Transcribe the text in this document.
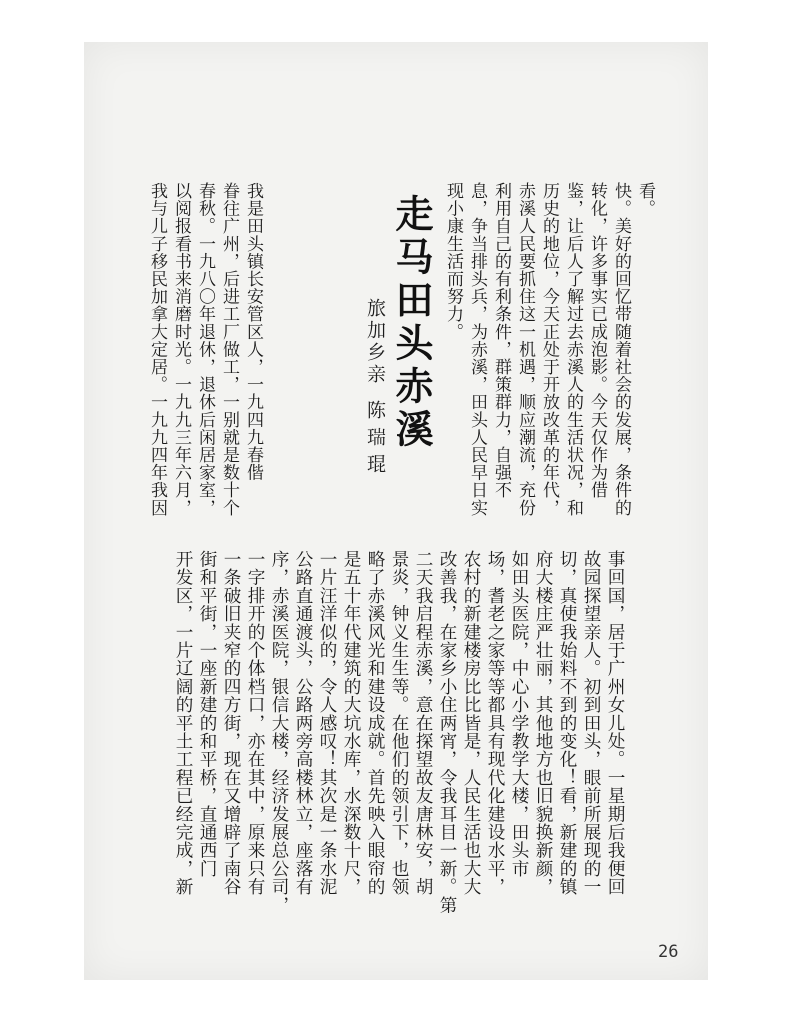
看。
快。美好的回忆带随着社会的发展，条件的
转化，许多事实已成泡影。今天仅作为借
鉴，让后人了解过去赤溪人的生活状况，和
历史的地位，今天正处于开放改革的年代，
赤溪人民要抓住这一机遇，顺应潮流，充份
利用自己的有利条件，群策群力，自强不
息，争当排头兵，为赤溪，田头人民早日实
现小康生活而努力。
走马田头赤溪
旅加乡亲
陈瑞琨
我是田头镇长安管区人，一九四九春偕
眷往广州，后进工厂做工，一别就是数十个
春秋。一九八〇年退休，退休后闲居家室，
以阅报看书来消磨时光。一九九三年六月，
我与儿子移民加拿大定居。一九九四年我因
事回国，居于广州女儿处。一星期后我便回
故园探望亲人。初到田头，眼前所展现的一
切，真使我始料不到的变化！看，新建的镇
府大楼庄严壮丽，其他地方也旧貌换新颜，
如田头医院，中心小学教学大楼，田头市
场，耆老之家等等都具有现代化建设水平，
农村的新建楼房比比皆是，人民生活也大大
改善我，在家乡小住两宵，令我耳目一新。第
二天我启程赤溪，意在探望故友唐林安，胡
景炎，钟义生生等。在他们的领引下，也领
略了赤溪风光和建设成就。首先映入眼帘的
是五十年代建筑的大坑水库，水深数十尺，
一片汪洋似的，令人感叹！其次是一条水泥
公路直通渡头，公路两旁高楼林立，座落有
序，赤溪医院，银信大楼，经济发展总公司，
一字排开的个体档口，亦在其中，原来只有
一条破旧夹窄的四方街，现在又增辟了南谷
街和平街，一座新建的和平桥，直通西门
开发区，一片辽阔的平土工程已经完成，新
26
